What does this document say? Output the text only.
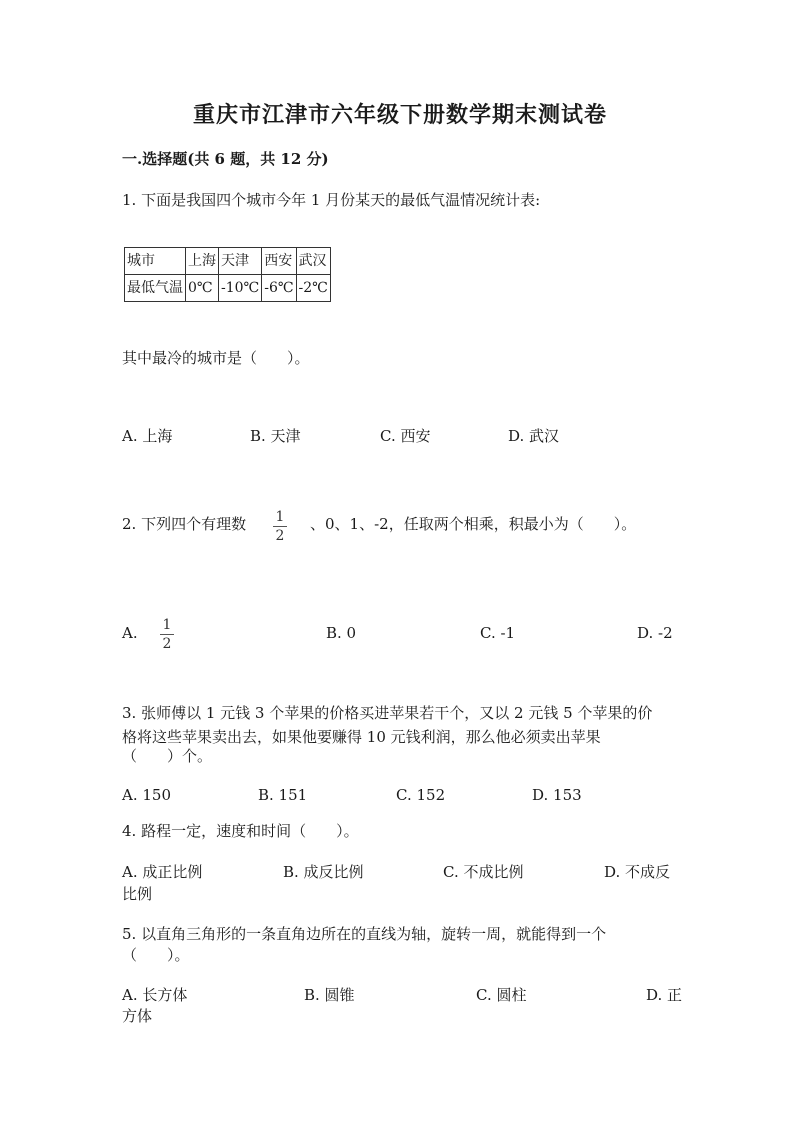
重庆市江津市六年级下册数学期末测试卷
一.选择题(共 6 题，共 12 分)
1. 下面是我国四个城市今年 1 月份某天的最低气温情况统计表:
城市	上海	天津	西安	武汉
最低气温	0℃	-10℃	-6℃	-2℃
其中最冷的城市是（　　）。
A. 上海	B. 天津	C. 西安	D. 武汉
2. 下列四个有理数 1
2
、0、1、-2，任取两个相乘，积最小为（　　）。
A. 1
2
B. 0	C. -1	D. -2
3. 张师傅以 1 元钱 3 个苹果的价格买进苹果若干个，又以 2 元钱 5 个苹果的价
格将这些苹果卖出去，如果他要赚得 10 元钱利润，那么他必须卖出苹果
（　　）个。
A. 150	B. 151	C. 152	D. 153
4. 路程一定，速度和时间（　　）。
A. 成正比例	B. 成反比例	C. 不成比例	D. 不成反
比例
5. 以直角三角形的一条直角边所在的直线为轴，旋转一周，就能得到一个
（　　）。
A. 长方体	B. 圆锥	C. 圆柱	D. 正
方体
